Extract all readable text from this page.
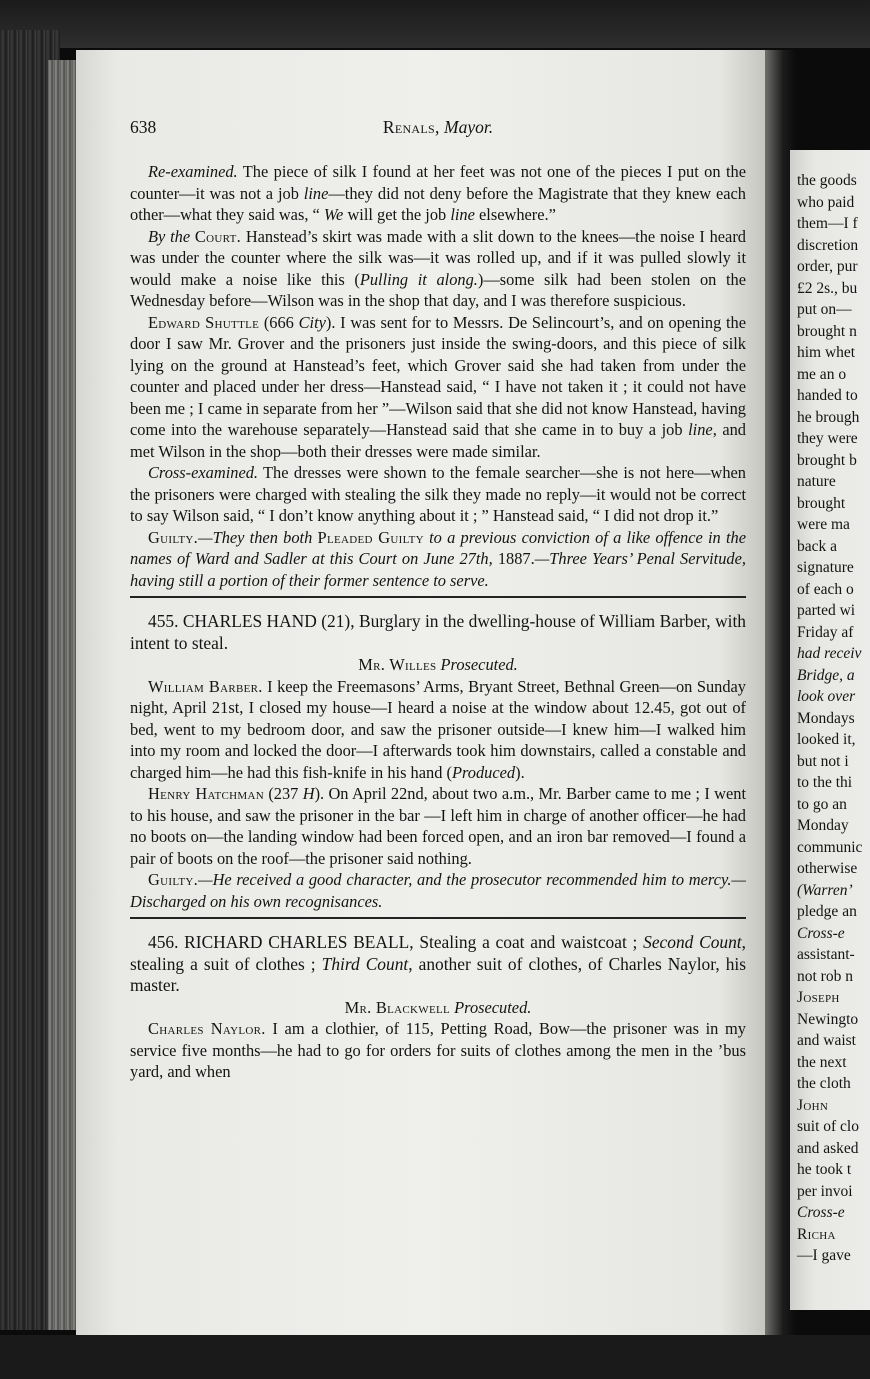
638	Renals, Mayor.

Re-examined. The piece of silk I found at her feet was not one of the pieces I put on the counter—it was not a job line—they did not deny before the Magistrate that they knew each other—what they said was, “ We will get the job line elsewhere.”

By the Court. Hanstead’s skirt was made with a slit down to the knees—the noise I heard was under the counter where the silk was—it was rolled up, and if it was pulled slowly it would make a noise like this (Pulling it along.)—some silk had been stolen on the Wednesday before—Wilson was in the shop that day, and I was therefore suspicious.

Edward Shuttle (666 City). I was sent for to Messrs. De Selincourt’s, and on opening the door I saw Mr. Grover and the prisoners just inside the swing-doors, and this piece of silk lying on the ground at Hanstead’s feet, which Grover said she had taken from under the counter and placed under her dress—Hanstead said, “ I have not taken it ; it could not have been me ; I came in separate from her ”—Wilson said that she did not know Hanstead, having come into the warehouse separately—Hanstead said that she came in to buy a job line, and met Wilson in the shop—both their dresses were made similar.

Cross-examined. The dresses were shown to the female searcher—she is not here—when the prisoners were charged with stealing the silk they made no reply—it would not be correct to say Wilson said, “ I don’t know anything about it ; ” Hanstead said, “ I did not drop it.”

Guilty.—They then both Pleaded Guilty to a previous conviction of a like offence in the names of Ward and Sadler at this Court on June 27th, 1887.—Three Years’ Penal Servitude, having still a portion of their former sentence to serve.

455. CHARLES HAND (21), Burglary in the dwelling-house of William Barber, with intent to steal.

Mr. Willes Prosecuted.

William Barber. I keep the Freemasons’ Arms, Bryant Street, Bethnal Green—on Sunday night, April 21st, I closed my house—I heard a noise at the window about 12.45, got out of bed, went to my bedroom door, and saw the prisoner outside—I knew him—I walked him into my room and locked the door—I afterwards took him downstairs, called a constable and charged him—he had this fish-knife in his hand (Produced).

Henry Hatchman (237 H). On April 22nd, about two a.m., Mr. Barber came to me ; I went to his house, and saw the prisoner in the bar —I left him in charge of another officer—he had no boots on—the landing window had been forced open, and an iron bar removed—I found a pair of boots on the roof—the prisoner said nothing.

Guilty.—He received a good character, and the prosecutor recommended him to mercy.—Discharged on his own recognisances.

456. RICHARD CHARLES BEALL, Stealing a coat and waistcoat ; Second Count, stealing a suit of clothes ; Third Count, another suit of clothes, of Charles Naylor, his master.

Mr. Blackwell Prosecuted.

Charles Naylor. I am a clothier, of 115, Petting Road, Bow—the prisoner was in my service five months—he had to go for orders for suits of clothes among the men in the ’bus yard, and when

the goods
who paid
them—I f
discretion
order, pur
£2 2s., bu
put on—
brought n
him whet
me an o
handed to
he brough
they were
brought b
nature
brought
were ma
back a
signature
of each o
parted wi
Friday af
had receiv
Bridge, a
look over
Mondays
looked it,
but not i
to the thi
to go an
Monday
communic
otherwise
(Warren’
pledge an
Cross-e
assistant-
not rob n
Joseph
Newingto
and waist
the next
the cloth
John
suit of clo
and asked
he took t
per invoi
Cross-e
Richa
—I gave
